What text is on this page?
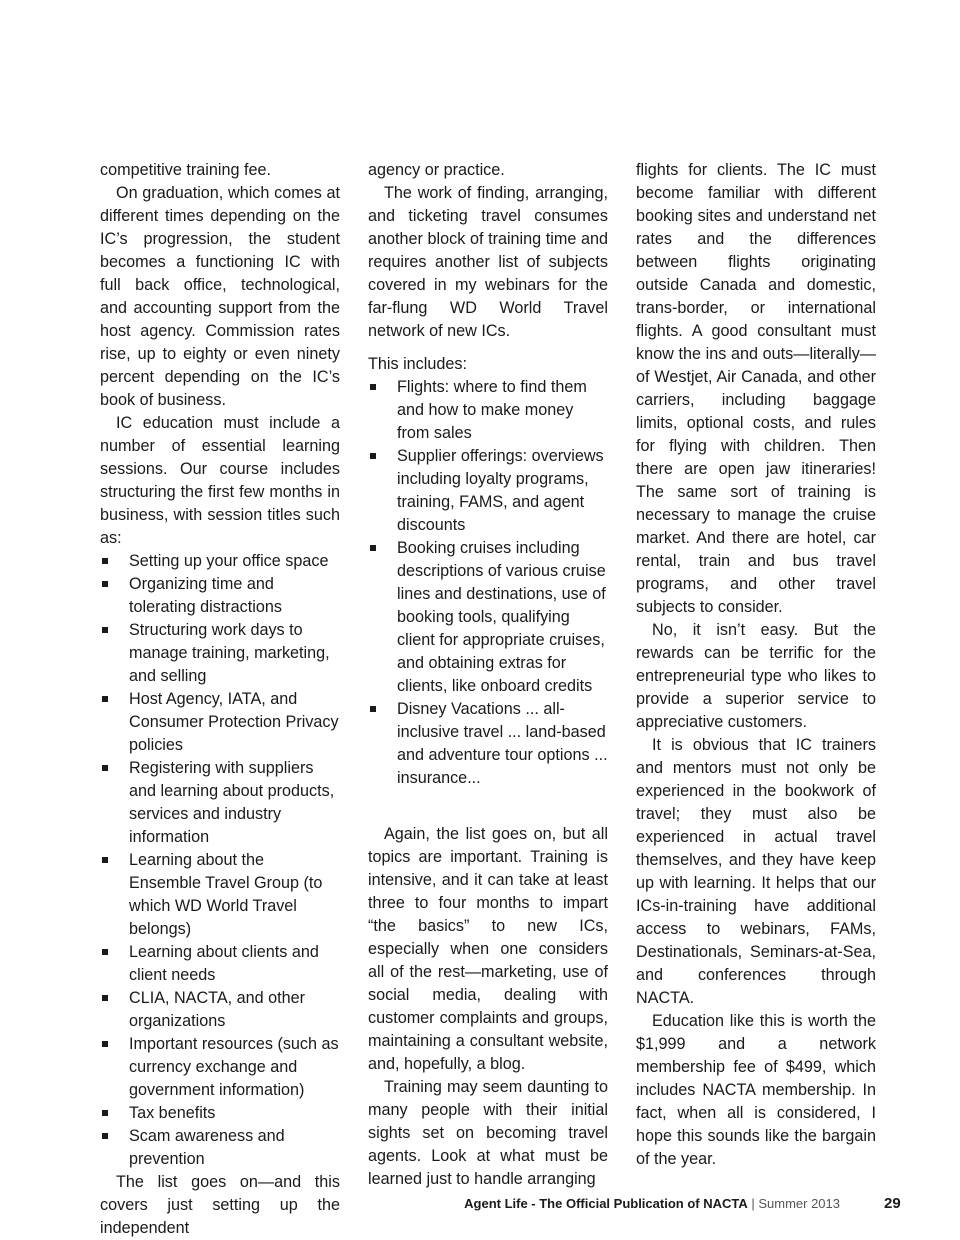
competitive training fee.

On graduation, which comes at different times depending on the IC’s progression, the student becomes a functioning IC with full back office, technological, and accounting support from the host agency. Commission rates rise, up to eighty or even ninety percent depending on the IC’s book of business.

IC education must include a number of essential learning sessions. Our course includes structuring the first few months in business, with session titles such as:

Setting up your office space
Organizing time and tolerating distractions
Structuring work days to manage training, marketing, and selling
Host Agency, IATA, and Consumer Protection Privacy policies
Registering with suppliers and learning about products, services and industry information
Learning about the Ensemble Travel Group (to which WD World Travel belongs)
Learning about clients and client needs
CLIA, NACTA, and other organizations
Important resources (such as currency exchange and government information)
Tax benefits
Scam awareness and prevention

The list goes on—and this covers just setting up the independent

agency or practice.

The work of finding, arranging, and ticketing travel consumes another block of training time and requires another list of subjects covered in my webinars for the far-flung WD World Travel network of new ICs.

This includes:

Flights: where to find them and how to make money from sales
Supplier offerings: overviews including loyalty programs, training, FAMS, and agent discounts
Booking cruises including descriptions of various cruise lines and destinations, use of booking tools, qualifying client for appropriate cruises, and obtaining extras for clients, like onboard credits
Disney Vacations ... all-inclusive travel ... land-based and adventure tour options ... insurance...

Again, the list goes on, but all topics are important. Training is intensive, and it can take at least three to four months to impart “the basics” to new ICs, especially when one considers all of the rest—marketing, use of social media, dealing with customer complaints and groups, maintaining a consultant website, and, hopefully, a blog.

Training may seem daunting to many people with their initial sights set on becoming travel agents. Look at what must be learned just to handle arranging

flights for clients. The IC must become familiar with different booking sites and understand net rates and the differences between flights originating outside Canada and domestic, trans-border, or international flights. A good consultant must know the ins and outs—literally—of Westjet, Air Canada, and other carriers, including baggage limits, optional costs, and rules for flying with children. Then there are open jaw itineraries! The same sort of training is necessary to manage the cruise market. And there are hotel, car rental, train and bus travel programs, and other travel subjects to consider.

No, it isn’t easy. But the rewards can be terrific for the entrepreneurial type who likes to provide a superior service to appreciative customers.

It is obvious that IC trainers and mentors must not only be experienced in the bookwork of travel; they must also be experienced in actual travel themselves, and they have keep up with learning. It helps that our ICs-in-training have additional access to webinars, FAMs, Destinationals, Seminars-at-Sea, and conferences through NACTA.

Education like this is worth the $1,999 and a network membership fee of $499, which includes NACTA membership. In fact, when all is considered, I hope this sounds like the bargain of the year.

Agent Life - The Official Publication of NACTA | Summer 2013	29
